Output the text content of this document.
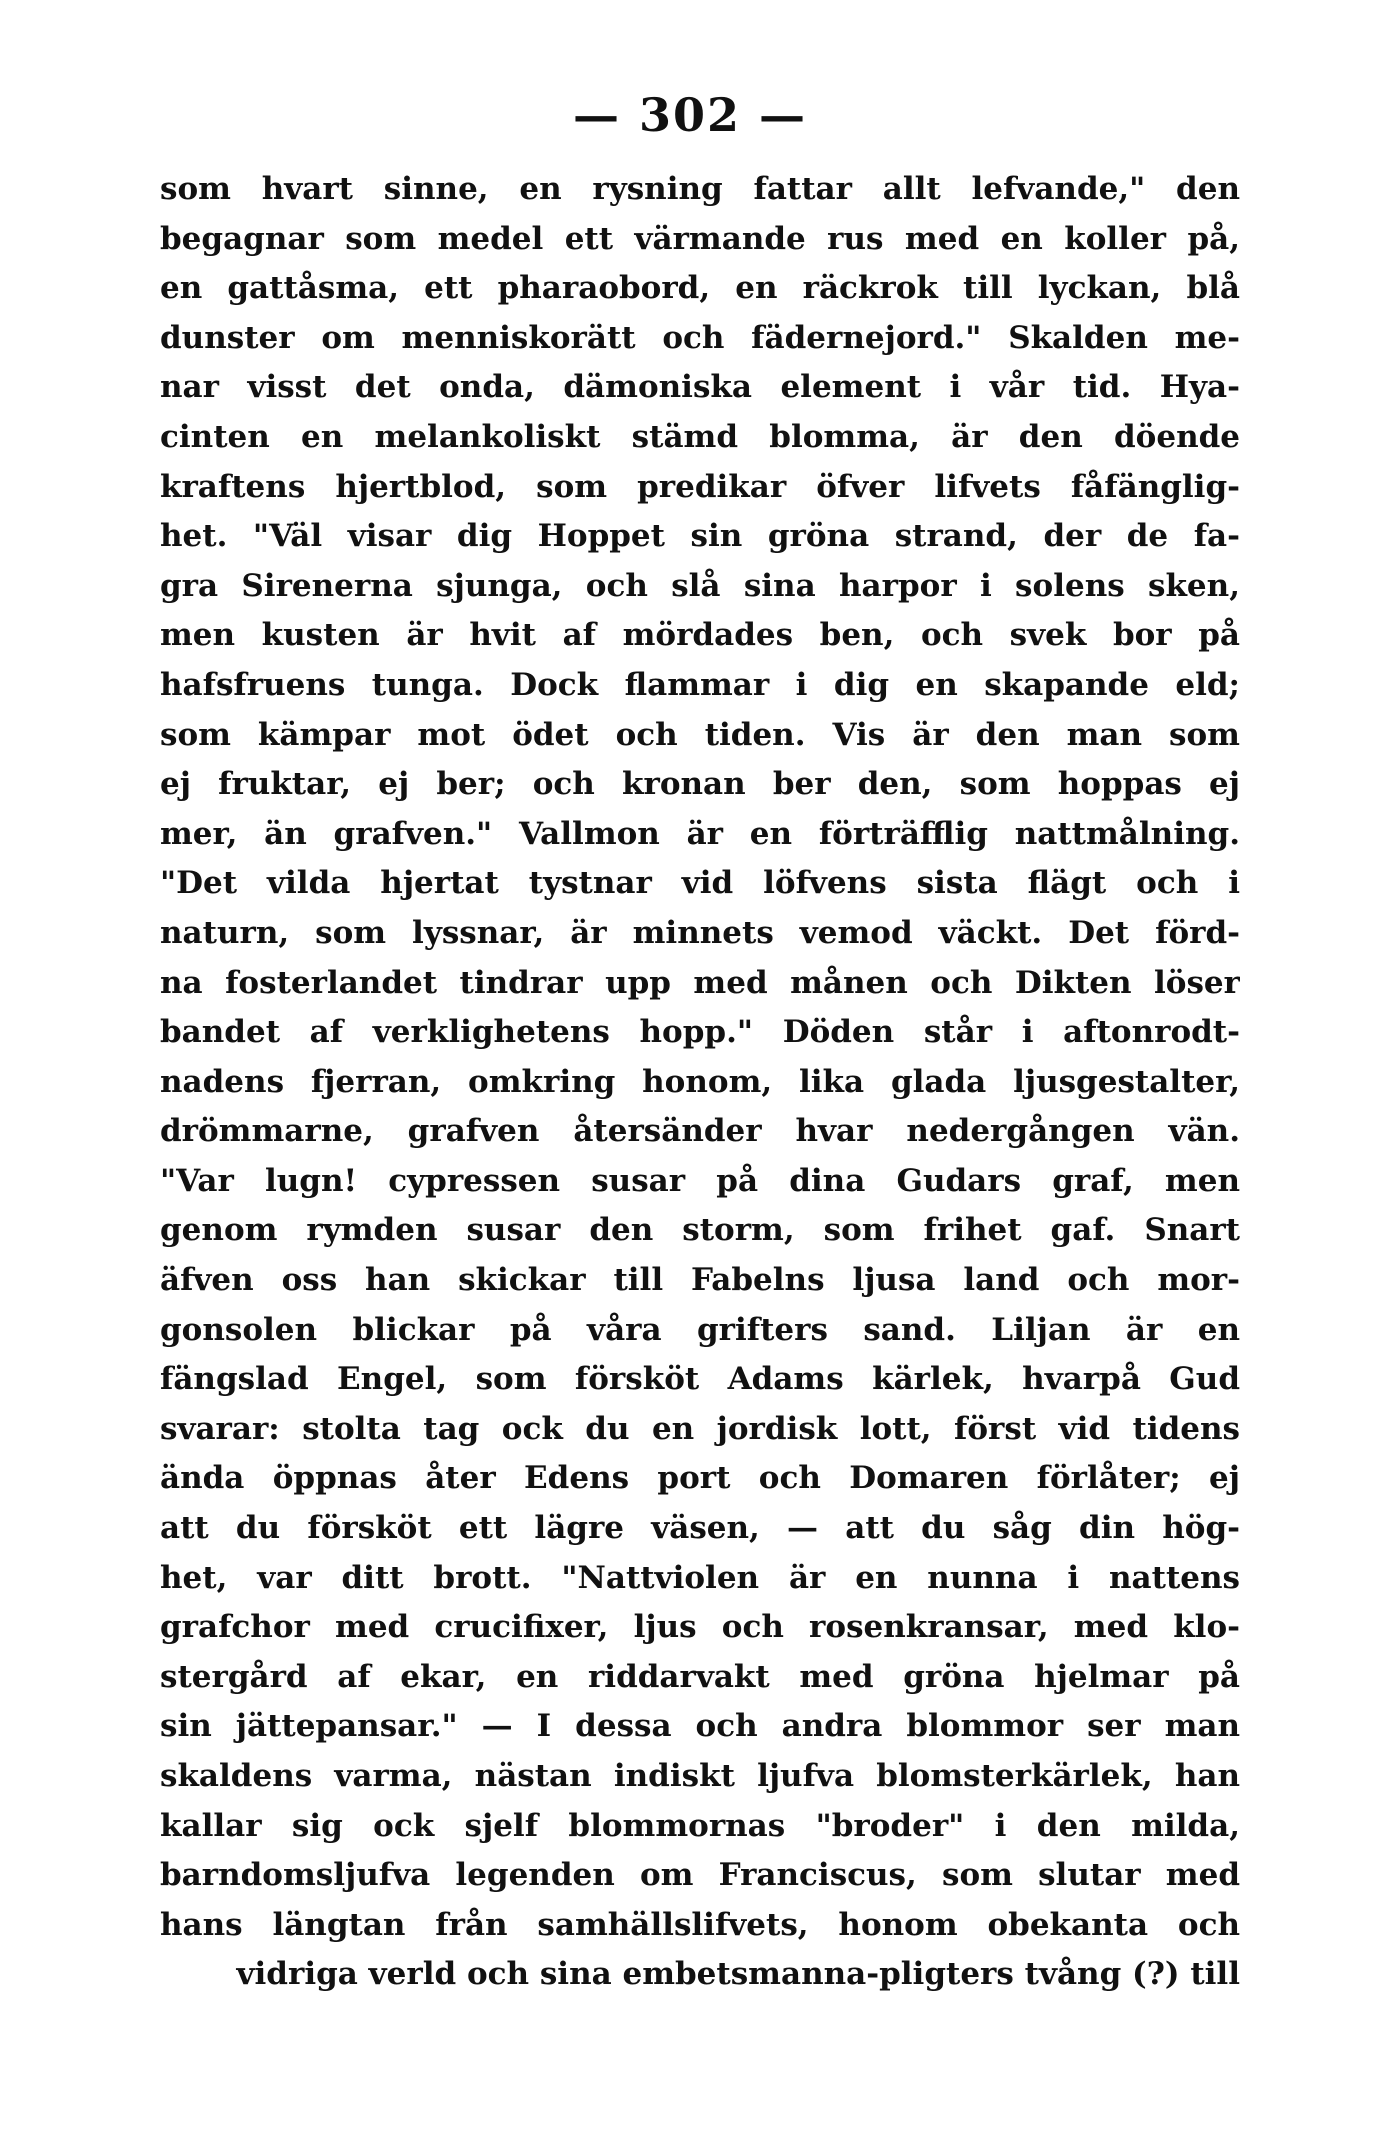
— 302 —
som hvart sinne, en rysning fattar allt lefvande," den
begagnar som medel ett värmande rus med en koller på,
en gattåsma, ett pharaobord, en räckrok till lyckan, blå
dunster om menniskorätt och fädernejord." Skalden me-
nar visst det onda, dämoniska element i vår tid. Hya-
cinten en melankoliskt stämd blomma, är den döende
kraftens hjertblod, som predikar öfver lifvets fåfänglig-
het. "Väl visar dig Hoppet sin gröna strand, der de fa-
gra Sirenerna sjunga, och slå sina harpor i solens sken,
men kusten är hvit af mördades ben, och svek bor på
hafsfruens tunga. Dock flammar i dig en skapande eld;
som kämpar mot ödet och tiden. Vis är den man som
ej fruktar, ej ber; och kronan ber den, som hoppas ej
mer, än grafven." Vallmon är en förträfflig nattmålning.
"Det vilda hjertat tystnar vid löfvens sista flägt och i
naturn, som lyssnar, är minnets vemod väckt. Det förd-
na fosterlandet tindrar upp med månen och Dikten löser
bandet af verklighetens hopp." Döden står i aftonrodt-
nadens fjerran, omkring honom, lika glada ljusgestalter,
drömmarne, grafven återsänder hvar nedergången vän.
"Var lugn! cypressen susar på dina Gudars graf, men
genom rymden susar den storm, som frihet gaf. Snart
äfven oss han skickar till Fabelns ljusa land och mor-
gonsolen blickar på våra grifters sand. Liljan är en
fängslad Engel, som försköt Adams kärlek, hvarpå Gud
svarar: stolta tag ock du en jordisk lott, först vid tidens
ända öppnas åter Edens port och Domaren förlåter; ej
att du försköt ett lägre väsen, — att du såg din hög-
het, var ditt brott. "Nattviolen är en nunna i nattens
grafchor med crucifixer, ljus och rosenkransar, med klo-
stergård af ekar, en riddarvakt med gröna hjelmar på
sin jättepansar." — I dessa och andra blommor ser man
skaldens varma, nästan indiskt ljufva blomsterkärlek, han
kallar sig ock sjelf blommornas "broder" i den milda,
barndomsljufva legenden om Franciscus, som slutar med
hans längtan från samhällslifvets, honom obekanta och
vidriga verld och sina embetsmanna-pligters tvång (?) till
